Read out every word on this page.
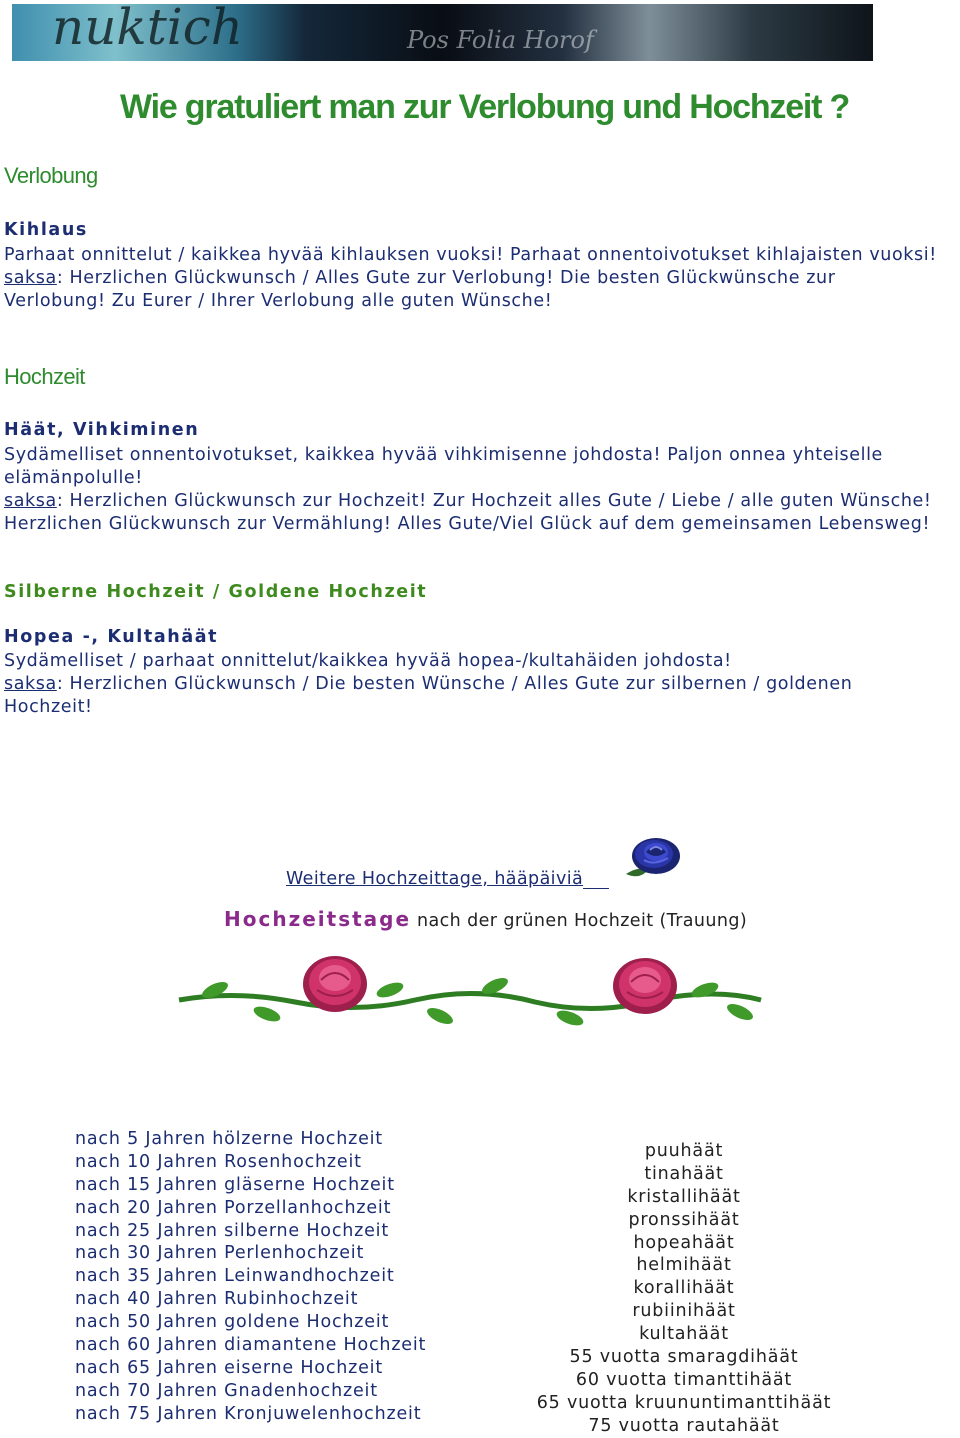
nuktich	Pos Folia Horof
Wie gratuliert man zur Verlobung und Hochzeit ?
Verlobung
Kihlaus
Parhaat onnittelut / kaikkea hyvää kihlauksen vuoksi! Parhaat onnentoivotukset kihlajaisten vuoksi!
saksa: Herzlichen Glückwunsch / Alles Gute zur Verlobung! Die besten Glückwünsche zur
Verlobung! Zu Eurer / Ihrer Verlobung alle guten Wünsche!
Hochzeit
Häät, Vihkiminen
Sydämelliset onnentoivotukset, kaikkea hyvää vihkimisenne johdosta! Paljon onnea yhteiselle
elämänpolulle!
saksa: Herzlichen Glückwunsch zur Hochzeit! Zur Hochzeit alles Gute / Liebe / alle guten Wünsche!
Herzlichen Glückwunsch zur Vermählung! Alles Gute/Viel Glück auf dem gemeinsamen Lebensweg!
Silberne Hochzeit / Goldene Hochzeit
Hopea -, Kultahäät
Sydämelliset / parhaat onnittelut/kaikkea hyvää hopea-/kultahäiden johdosta!
saksa: Herzlichen Glückwunsch / Die besten Wünsche / Alles Gute zur silbernen / goldenen
Hochzeit!
Weitere Hochzeittage, hääpäiviä
Hochzeitstage nach der grünen Hochzeit (Trauung)
nach 5 Jahren hölzerne Hochzeit
nach 10 Jahren Rosenhochzeit
nach 15 Jahren gläserne Hochzeit
nach 20 Jahren Porzellanhochzeit
nach 25 Jahren silberne Hochzeit
nach 30 Jahren Perlenhochzeit
nach 35 Jahren Leinwandhochzeit
nach 40 Jahren Rubinhochzeit
nach 50 Jahren goldene Hochzeit
nach 60 Jahren diamantene Hochzeit
nach 65 Jahren eiserne Hochzeit
nach 70 Jahren Gnadenhochzeit
nach 75 Jahren Kronjuwelenhochzeit
puuhäät
tinahäät
kristallihäät
pronssihäät
hopeahäät
helmihäät
korallihäät
rubiinihäät
kultahäät
55 vuotta smaragdihäät
60 vuotta timanttihäät
65 vuotta kruununtimanttihäät
75 vuotta rautahäät
